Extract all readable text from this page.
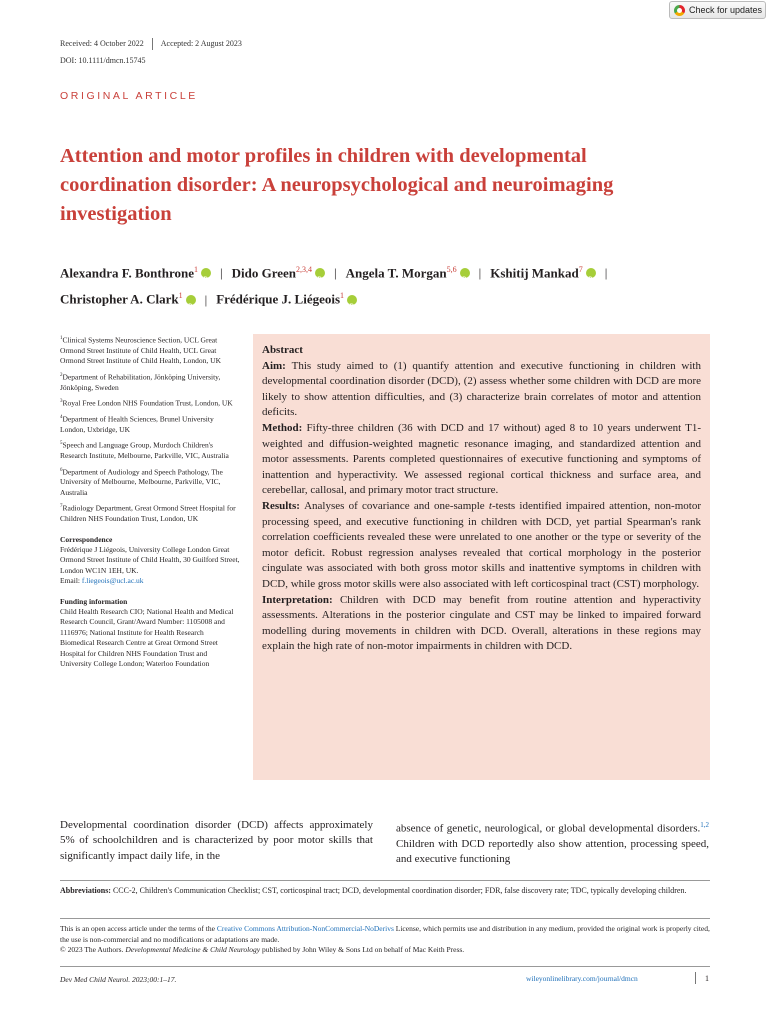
Received: 4 October 2022 Accepted: 2 August 2023
DOI: 10.1111/dmcn.15745
Check for updates
ORIGINAL ARTICLE
Attention and motor profiles in children with developmental coordination disorder: A neuropsychological and neuroimaging investigation
Alexandra F. Bonthrone$^1$ iD | Dido Green$^{2,3,4}$ iD | Angela T. Morgan$^{5,6}$ iD | Kshitij Mankad$^7$ iD |
Christopher A. Clark$^1$ iD | Frédérique J. Liégeois$^1$iD
$^1$Clinical Systems Neuroscience Section, UCL Great Ormond Street Institute of Child Health, UCL Great Ormond Street Institute of Child Health, London, UK
$^2$Department of Rehabilitation, Jönköping University, Jönköping, Sweden
$^3$Royal Free London NHS Foundation Trust, London, UK
$^4$Department of Health Sciences, Brunel University London, Uxbridge, UK
$^5$Speech and Language Group, Murdoch Children's Research Institute, Melbourne, Parkville, VIC, Australia
$^6$Department of Audiology and Speech Pathology, The University of Melbourne, Melbourne, Parkville, VIC, Australia
$^7$Radiology Department, Great Ormond Street Hospital for Children NHS Foundation Trust, London, UK
Correspondence
Frédérique J Liégeois, University College London Great Ormond Street Institute of Child Health, 30 Guilford Street, London WC1N 1EH, UK.
Email: f.liegeois@ucl.ac.uk
Funding information
Child Health Research CIO; National Health and Medical Research Council, Grant/Award Number: 1105008 and 1116976; National Institute for Health Research Biomedical Research Centre at Great Ormond Street Hospital for Children NHS Foundation Trust and University College London; Waterloo Foundation
Abstract

Aim: This study aimed to (1) quantify attention and executive functioning in children with developmental coordination disorder (DCD), (2) assess whether some children with DCD are more likely to show attention difficulties, and (3) characterize brain correlates of motor and attention deficits.

Method: Fifty-three children (36 with DCD and 17 without) aged 8 to 10 years underwent T1-weighted and diffusion-weighted magnetic resonance imaging, and standardized attention and motor assessments. Parents completed questionnaires of executive functioning and symptoms of inattention and hyperactivity. We assessed regional cortical thickness and surface area, and cerebellar, callosal, and primary motor tract structure.

Results: Analyses of covariance and one-sample t-tests identified impaired attention, non-motor processing speed, and executive functioning in children with DCD, yet partial Spearman's rank correlation coefficients revealed these were unrelated to one another or the type or severity of the motor deficit. Robust regression analyses revealed that cortical morphology in the posterior cingulate was associated with both gross motor skills and inattentive symptoms in children with DCD, while gross motor skills were also associated with left corticospinal tract (CST) morphology.

Interpretation: Children with DCD may benefit from routine attention and hyperactivity assessments. Alterations in the posterior cingulate and CST may be linked to impaired forward modelling during movements in children with DCD. Overall, alterations in these regions may explain the high rate of non-motor impairments in children with DCD.

Developmental coordination disorder (DCD) affects approximately 5% of schoolchildren and is characterized by poor motor skills that significantly impact daily life, in the
absence of genetic, neurological, or global developmental disorders.$^{1,2}$ Children with DCD reportedly also show attention, processing speed, and executive functioning
Abbreviations: CCC-2, Children's Communication Checklist; CST, corticospinal tract; DCD, developmental coordination disorder; FDR, false discovery rate; TDC, typically developing children.
This is an open access article under the terms of the Creative Commons Attribution-NonCommercial-NoDerivs License, which permits use and distribution in any medium, provided the original work is properly cited, the use is non-commercial and no modifications or adaptations are made.
© 2023 The Authors. Developmental Medicine & Child Neurology published by John Wiley & Sons Ltd on behalf of Mac Keith Press.
Dev Med Child Neurol. 2023;00:1–17.	wileyonlinelibrary.com/journal/dmcn	1
